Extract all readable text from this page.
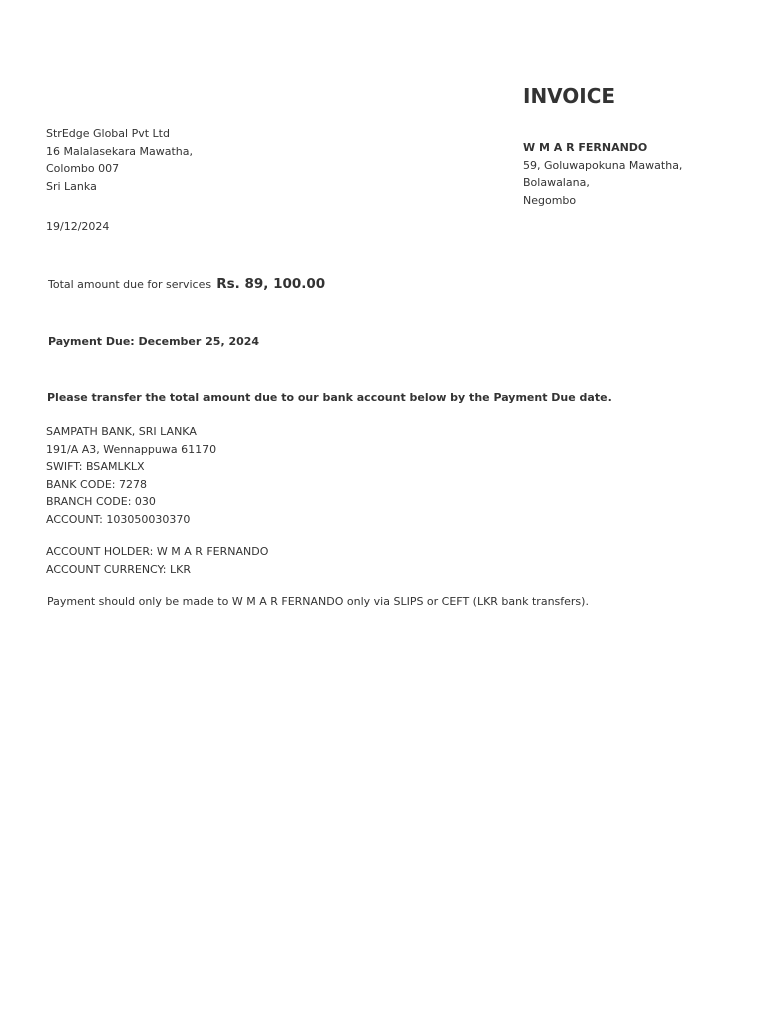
INVOICE
StrEdge Global Pvt Ltd
16 Malalasekara Mawatha,
Colombo 007
Sri Lanka
W M A R FERNANDO
59, Goluwapokuna Mawatha,
Bolawalana,
Negombo
19/12/2024
Total amount due for services Rs. 89, 100.00
Payment Due: December 25, 2024
Please transfer the total amount due to our bank account below by the Payment Due date.
SAMPATH BANK, SRI LANKA
191/A A3, Wennappuwa 61170
SWIFT: BSAMLKLX
BANK CODE: 7278
BRANCH CODE: 030
ACCOUNT: 103050030370
ACCOUNT HOLDER: W M A R FERNANDO
ACCOUNT CURRENCY: LKR
Payment should only be made to W M A R FERNANDO only via SLIPS or CEFT (LKR bank transfers).
